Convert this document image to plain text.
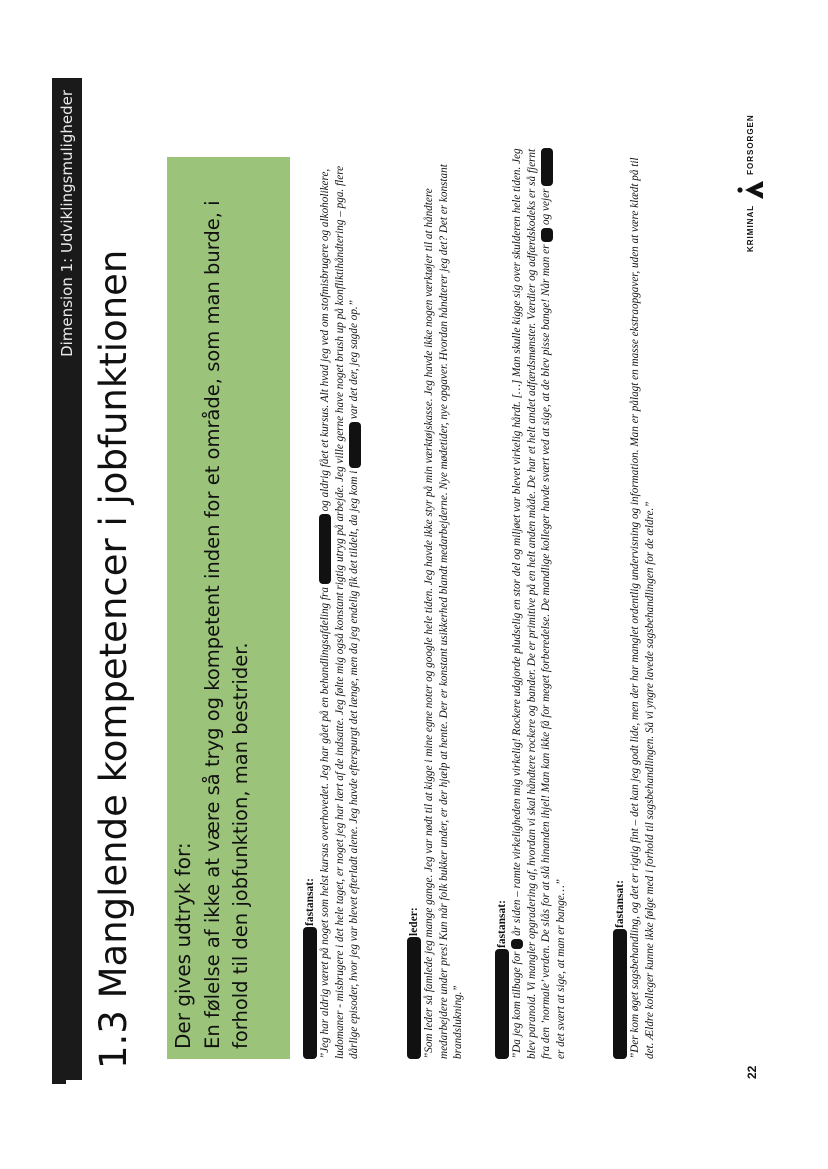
Dimension 1: Udviklingsmuligheder
1.3 Manglende kompetencer i jobfunktionen Der gives udtryk for: En følelse af ikke at være så tryg og kompetent inden for et område, som man burde, i forhold til den jobfunktion, man bestrider.	fastansat: ”Jeg har aldrig været på noget som helst kursus overhovedet. Jeg har gået på en behandlingsafdeling fra  og aldrig fået et kursus. Alt hvad jeg ved om stofmisbrugere og alkoholikere, ludomaner - misbrugere i det hele taget, er noget jeg har lært af de indsatte. Jeg følte mig også konstant rigtig utryg på arbejde. Jeg ville gerne have noget brush up på konfliktihåndtering – pga. flere dårlige episoder, hvor jeg var blevet efterladt alene. Jeg havde efterspurgt det længe, men da jeg endelig fik det tildelt, da jeg kom i  var det der, jeg sagde op.”
leder: ”Som leder så famlede jeg mange gange. Jeg var nødt til at kigge i mine egne noter og google hele tiden. Jeg havde ikke styr på min værktøjskasse. Jeg havde ikke nogen værktøjer til at håndtere medarbejdere under pres! Kun når folk bukker under, er der hjælp at hente. Der er konstant usikkerhed blandt medarbejderne. Nye mødetider, nye opgaver. Hvordan håndterer jeg det? Det er konstant brandslukning.”
fastansat:
”Da jeg kom tilbage for  år siden – ramte virkeligheden mig virkelig! Rockere udgjorde pludselig en stor del og miljøet var blevet virkelig hårdt. […] Man skulle kigge sig over skulderen hele tiden. Jeg blev paranoid. Vi mangler opgradering af, hvordan vi skal håndtere rockere og bander. De er primitive på en helt anden måde. De har et helt andet adfærdsmønster. Værdier og adfærdskodeks er så fjernt fra den ’normale’ verden. De slås for at slå hinanden ihjel! Man kan ikke få for meget forberedelse. De mandlige kolleger havde svært ved at sige, at de blev pisse bange! Når man er  og vejer  er det svært at sige, at man er bange…”	fastansat: ”Der kom øget sagsbehandling, og det er rigtig fint – det kan jeg godt lide, men der har manglet ordentlig undervisning og information. Man er pålagt en masse ekstraopgaver, uden at være klædt på til det. Ældre kolleger kunne ikke følge med i forhold til sagsbehandlingen. Så vi yngre lavede sagsbehandlingen for de ældre.”
22
KRIMINAL
FORSORGEN
